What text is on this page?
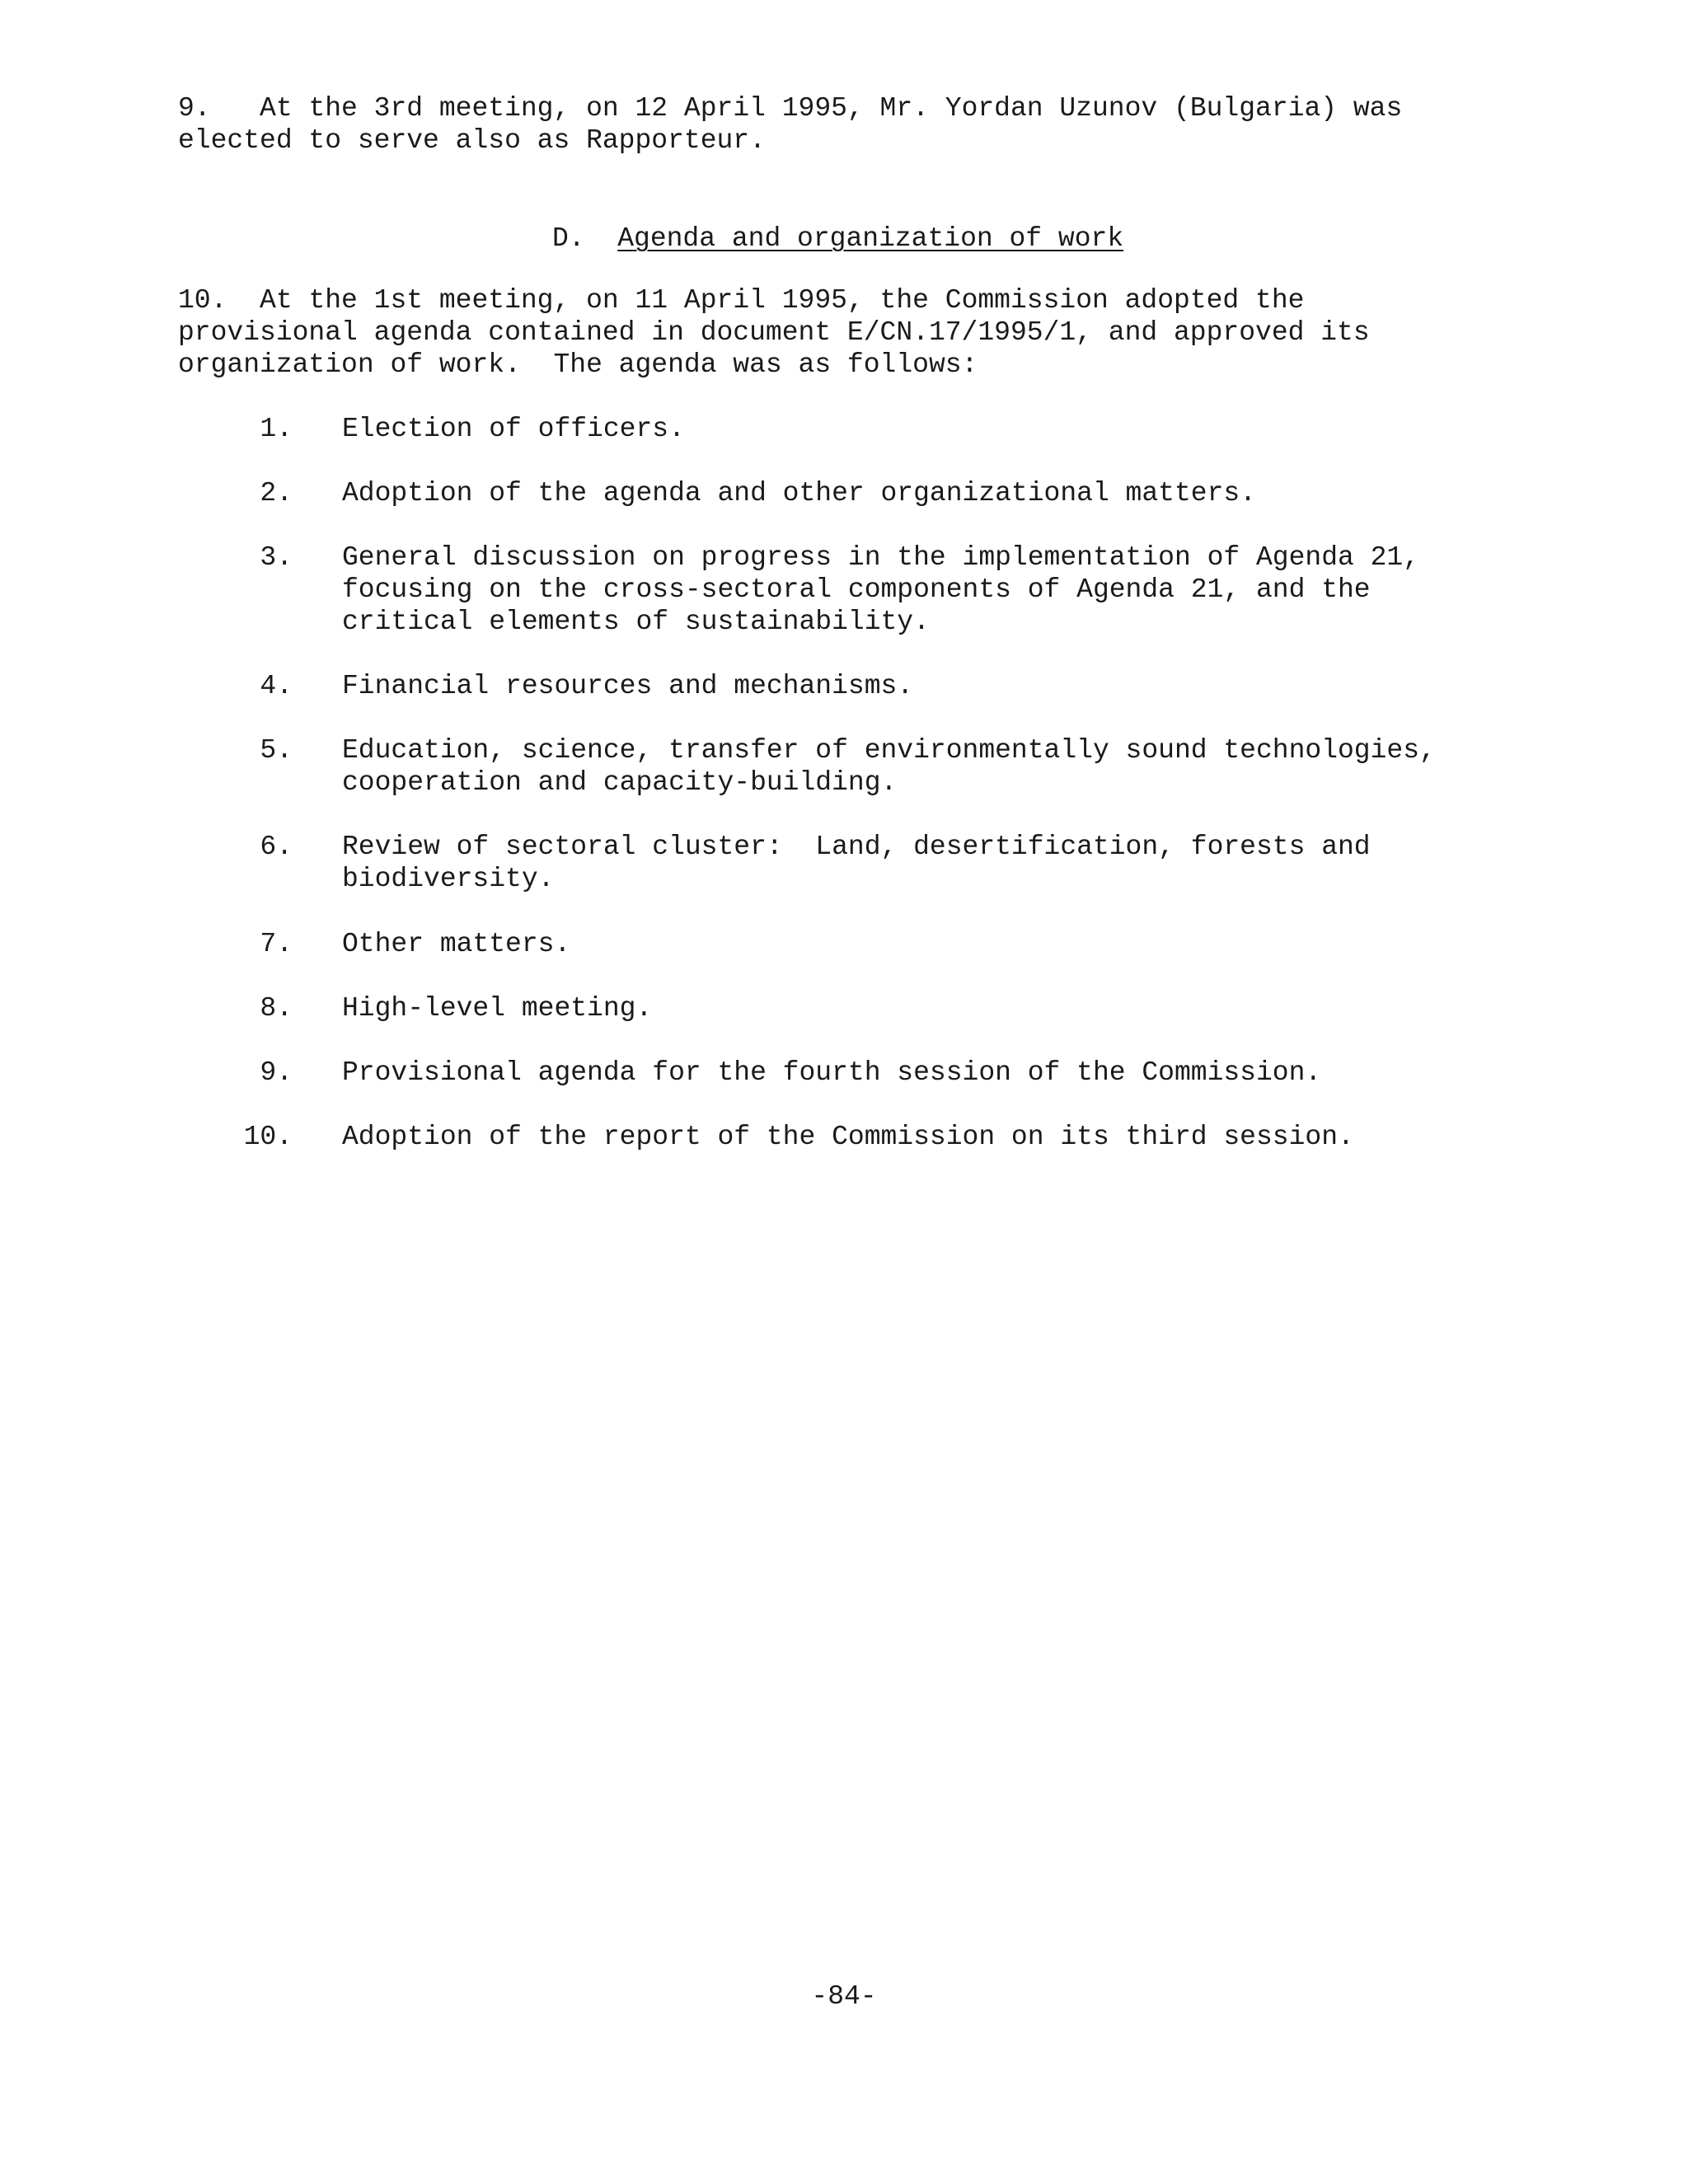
9. At the 3rd meeting, on 12 April 1995, Mr. Yordan Uzunov (Bulgaria) was
elected to serve also as Rapporteur.
D. Agenda and organization of work
10. At the 1st meeting, on 11 April 1995, the Commission adopted the
provisional agenda contained in document E/CN.17/1995/1, and approved its
organization of work.  The agenda was as follows:
1. Election of officers.
2. Adoption of the agenda and other organizational matters.
3. General discussion on progress in the implementation of Agenda 21,
focusing on the cross-sectoral components of Agenda 21, and the
critical elements of sustainability.
4. Financial resources and mechanisms.
5. Education, science, transfer of environmentally sound technologies,
cooperation and capacity-building.
6. Review of sectoral cluster:  Land, desertification, forests and
biodiversity.
7. Other matters.
8. High-level meeting.
9. Provisional agenda for the fourth session of the Commission.
10. Adoption of the report of the Commission on its third session.
-84-
